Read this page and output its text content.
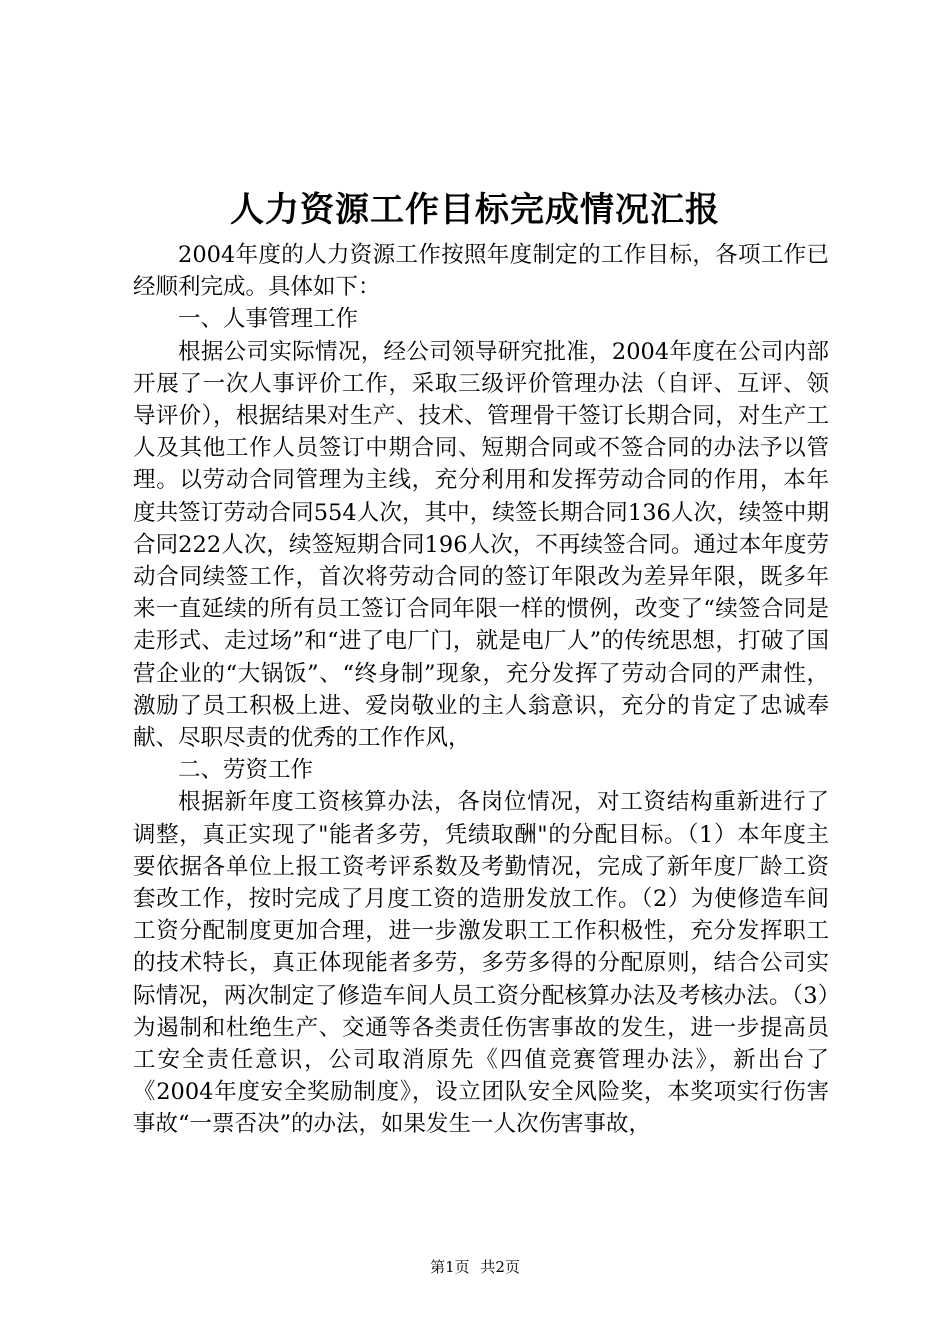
人力资源工作目标完成情况汇报

2004年度的人力资源工作按照年度制定的工作目标，各项工作已经顺利完成。具体如下：

一、人事管理工作

根据公司实际情况，经公司领导研究批准，2004年度在公司内部开展了一次人事评价工作，采取三级评价管理办法（自评、互评、领导评价），根据结果对生产、技术、管理骨干签订长期合同，对生产工人及其他工作人员签订中期合同、短期合同或不签合同的办法予以管理。以劳动合同管理为主线，充分利用和发挥劳动合同的作用，本年度共签订劳动合同554人次，其中，续签长期合同136人次，续签中期合同222人次，续签短期合同196人次，不再续签合同。通过本年度劳动合同续签工作，首次将劳动合同的签订年限改为差异年限，既多年来一直延续的所有员工签订合同年限一样的惯例，改变了“续签合同是走形式、走过场”和“进了电厂门，就是电厂人”的传统思想，打破了国营企业的“大锅饭”、“终身制”现象，充分发挥了劳动合同的严肃性，激励了员工积极上进、爱岗敬业的主人翁意识，充分的肯定了忠诚奉献、尽职尽责的优秀的工作作风，

二、劳资工作

根据新年度工资核算办法，各岗位情况，对工资结构重新进行了调整，真正实现了"能者多劳，凭绩取酬"的分配目标。（1）本年度主要依据各单位上报工资考评系数及考勤情况，完成了新年度厂龄工资套改工作，按时完成了月度工资的造册发放工作。（2）为使修造车间工资分配制度更加合理，进一步激发职工工作积极性，充分发挥职工的技术特长，真正体现能者多劳，多劳多得的分配原则，结合公司实际情况，两次制定了修造车间人员工资分配核算办法及考核办法。（3）为遏制和杜绝生产、交通等各类责任伤害事故的发生，进一步提高员工安全责任意识，公司取消原先《四值竞赛管理办法》，新出台了《2004年度安全奖励制度》，设立团队安全风险奖，本奖项实行伤害事故“一票否决”的办法，如果发生一人次伤害事故，

第1页 共2页
